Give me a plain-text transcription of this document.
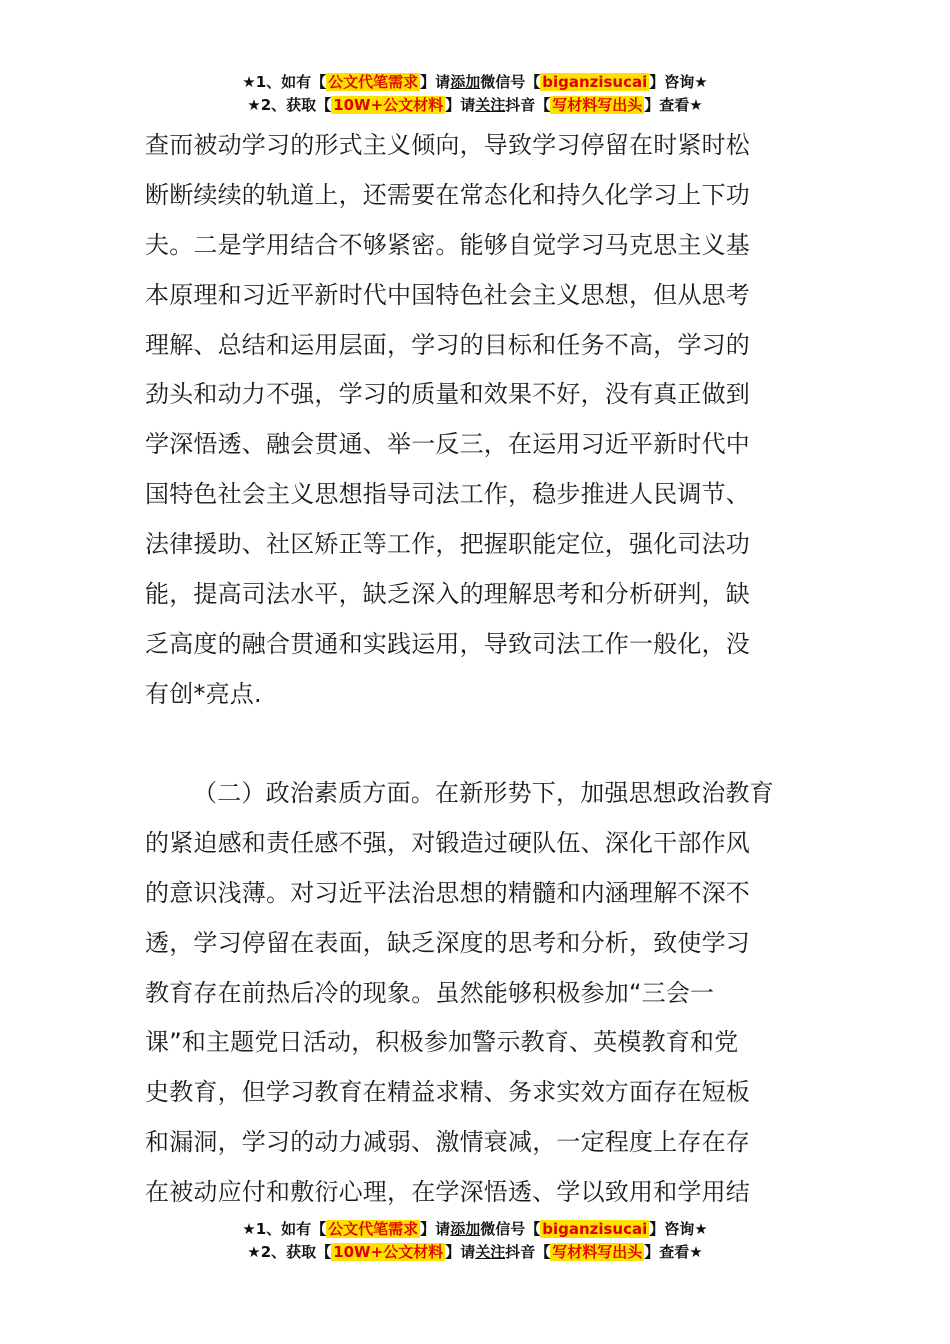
★1、如有【 公文代笔需求 】请添加微信号【 biganzisucai 】咨询★
★2、获取【 10W+公文材料 】请关注抖音【 写材料写出头 】查看★
查而被动学习的形式主义倾向，导致学习停留在时紧时松
断断续续的轨道上，还需要在常态化和持久化学习上下功
夫。二是学用结合不够紧密。能够自觉学习马克思主义基
本原理和习近平新时代中国特色社会主义思想，但从思考
理解、总结和运用层面，学习的目标和任务不高，学习的
劲头和动力不强，学习的质量和效果不好，没有真正做到
学深悟透、融会贯通、举一反三，在运用习近平新时代中
国特色社会主义思想指导司法工作，稳步推进人民调节、
法律援助、社区矫正等工作，把握职能定位，强化司法功
能，提高司法水平，缺乏深入的理解思考和分析研判，缺
乏高度的融合贯通和实践运用，导致司法工作一般化，没
有创*亮点.
（二）政治素质方面。在新形势下，加强思想政治教育
的紧迫感和责任感不强，对锻造过硬队伍、深化干部作风
的意识浅薄。对习近平法治思想的精髓和内涵理解不深不
透，学习停留在表面，缺乏深度的思考和分析，致使学习
教育存在前热后冷的现象。虽然能够积极参加“三会一
课”和主题党日活动，积极参加警示教育、英模教育和党
史教育，但学习教育在精益求精、务求实效方面存在短板
和漏洞，学习的动力减弱、激情衰减，一定程度上存在存
在被动应付和敷衍心理，在学深悟透、学以致用和学用结
★1、如有【 公文代笔需求 】请添加微信号【 biganzisucai 】咨询★
★2、获取【 10W+公文材料 】请关注抖音【 写材料写出头 】查看★
